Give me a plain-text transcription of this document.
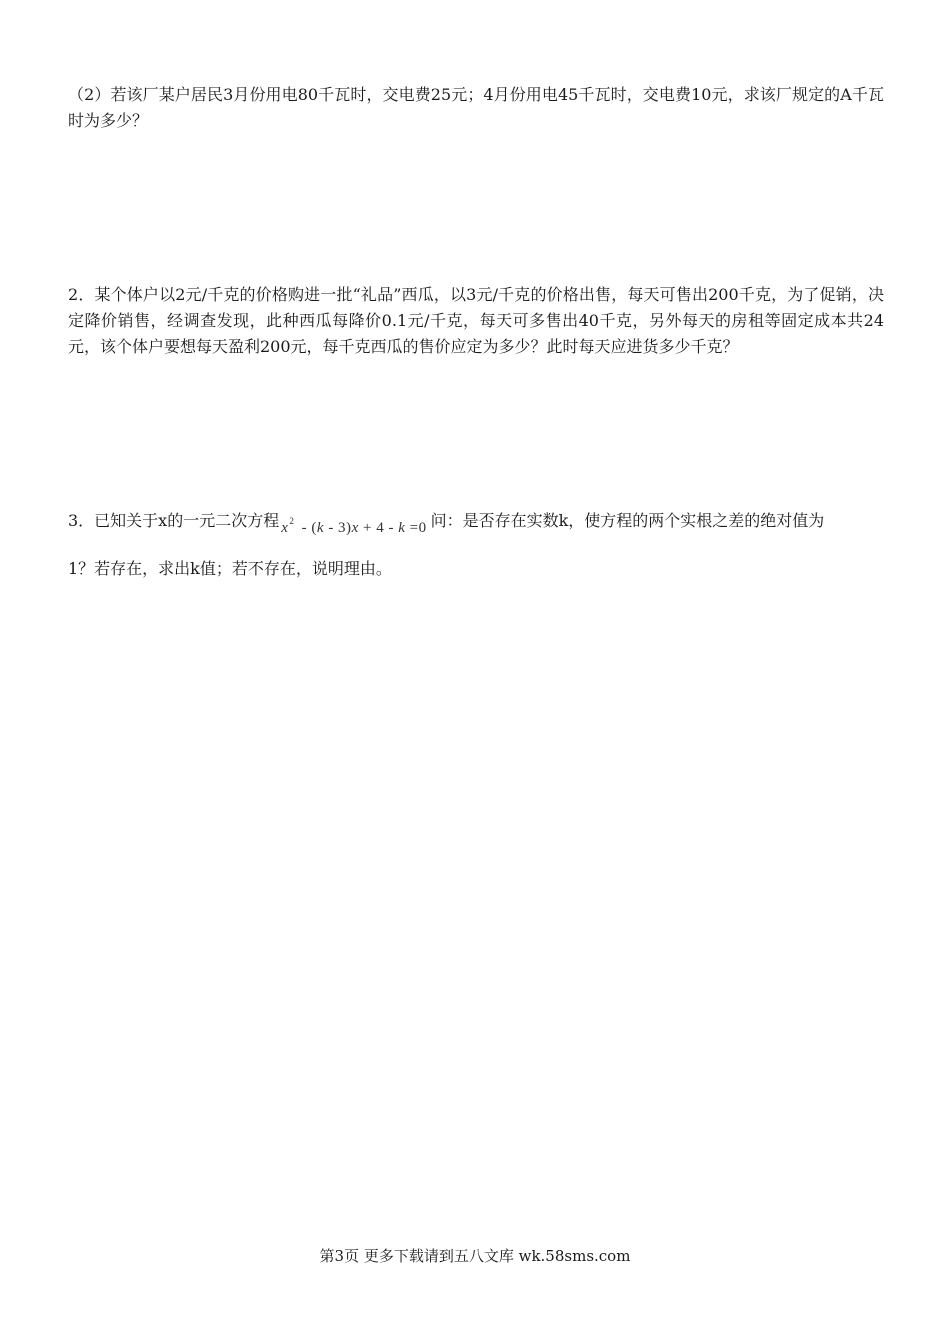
（2）若该厂某户居民3月份用电80千瓦时，交电费25元；4月份用电45千瓦时，交电费10元，求该厂规定的A千瓦时为多少？

2．某个体户以2元/千克的价格购进一批“礼品”西瓜，以3元/千克的价格出售，每天可售出200千克，为了促销，决定降价销售，经调查发现，此种西瓜每降价0.1元/千克，每天可多售出40千克，另外每天的房租等固定成本共24元，该个体户要想每天盈利200元，每千克西瓜的售价应定为多少？此时每天应进货多少千克？

3．已知关于x的一元二次方程 $x^2 - (k - 3)x + 4 - k =0$ 问：是否存在实数k，使方程的两个实根之差的绝对值为
1？若存在，求出k值；若不存在，说明理由。
第3页 更多下载请到五八文库 wk.58sms.com
